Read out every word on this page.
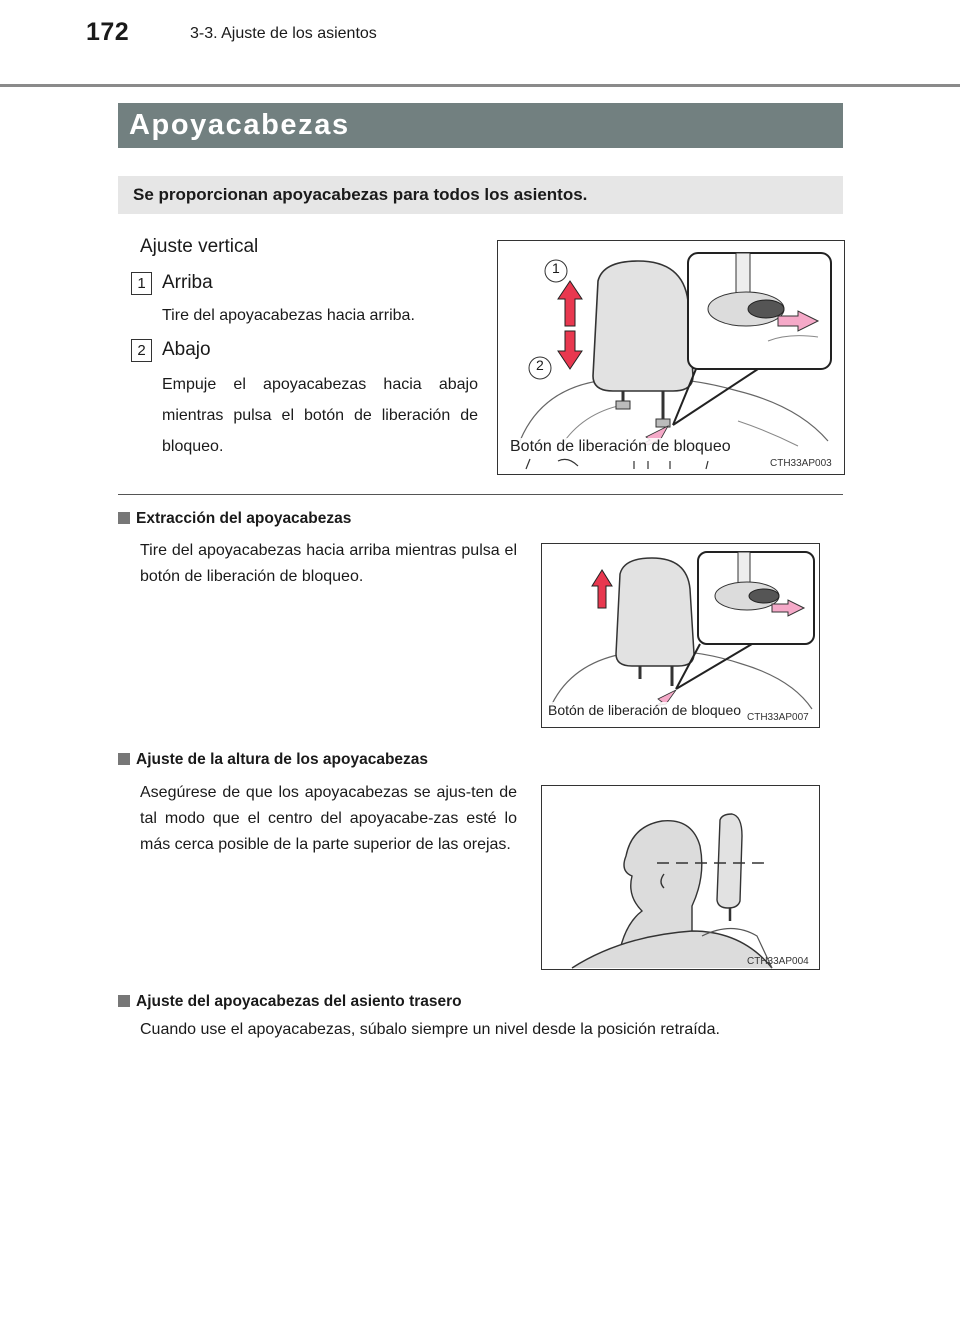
172	3-3. Ajuste de los asientos
Apoyacabezas
Se proporcionan apoyacabezas para todos los asientos.
Ajuste vertical
1 Arriba
Tire del apoyacabezas hacia arriba.
2 Abajo
Empuje el apoyacabezas hacia abajo mientras pulsa el botón de liberación de bloqueo.
1
2
Botón de liberación de bloqueo
CTH33AP003
Extracción del apoyacabezas
Tire del apoyacabezas hacia arriba mientras pulsa el botón de liberación de bloqueo.
Botón de liberación de bloqueo CTH33AP007
Ajuste de la altura de los apoyacabezas
Asegúrese de que los apoyacabezas se ajus-ten de tal modo que el centro del apoyacabe-zas esté lo más cerca posible de la parte superior de las orejas.
CTH33AP004
Ajuste del apoyacabezas del asiento trasero
Cuando use el apoyacabezas, súbalo siempre un nivel desde la posición retraída.
